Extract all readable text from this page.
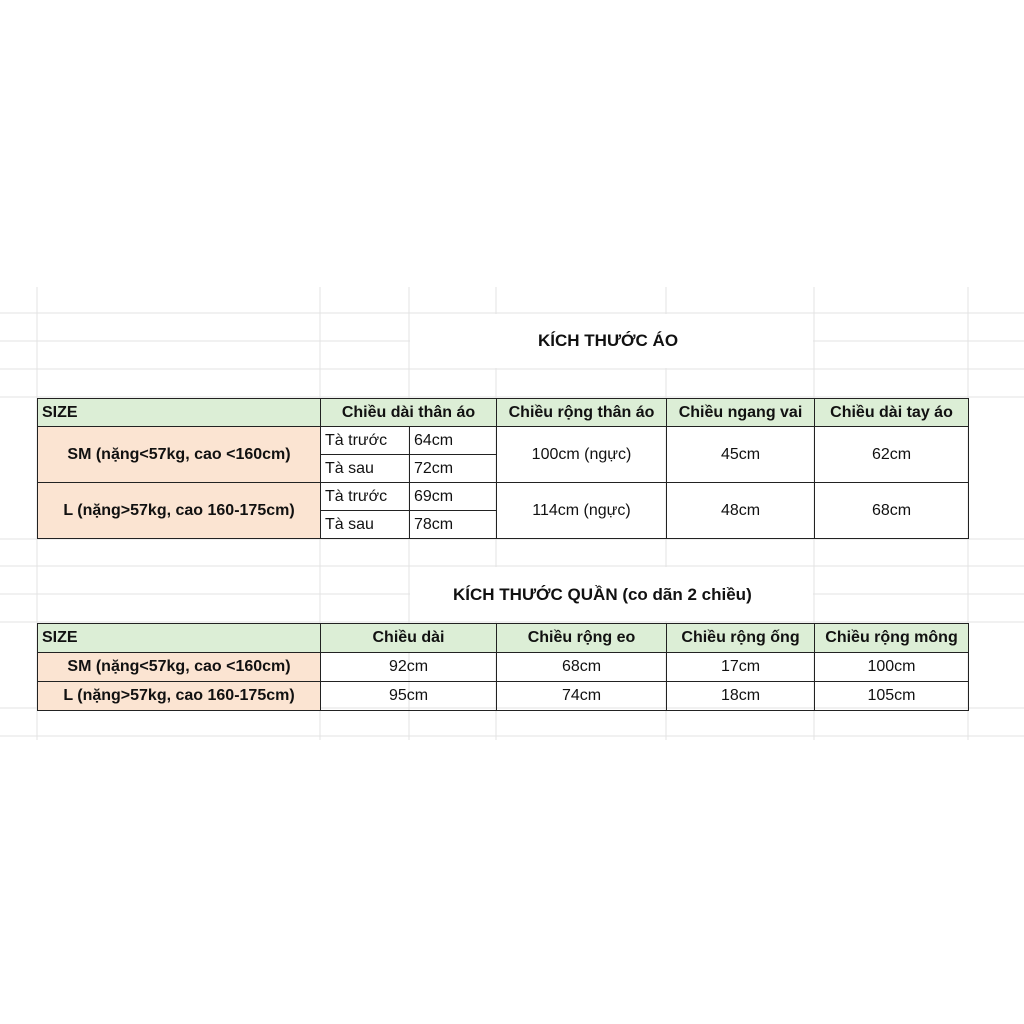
KÍCH THƯỚC ÁO
SIZE	Chiều dài thân áo		Chiều rộng thân áo	Chiều ngang vai	Chiều dài tay áo
SM (nặng<57kg, cao <160cm)	Tà trước	64cm	100cm (ngực)	45cm	62cm
	Tà sau	72cm			
L (nặng>57kg, cao 160-175cm)	Tà trước	69cm	114cm (ngực)	48cm	68cm
	Tà sau	78cm			
KÍCH THƯỚC QUẦN (co dãn 2 chiều)
SIZE	Chiều dài	Chiều rộng eo	Chiều rộng ống	Chiều rộng mông
SM (nặng<57kg, cao <160cm)	92cm	68cm	17cm	100cm
L (nặng>57kg, cao 160-175cm)	95cm	74cm	18cm	105cm
